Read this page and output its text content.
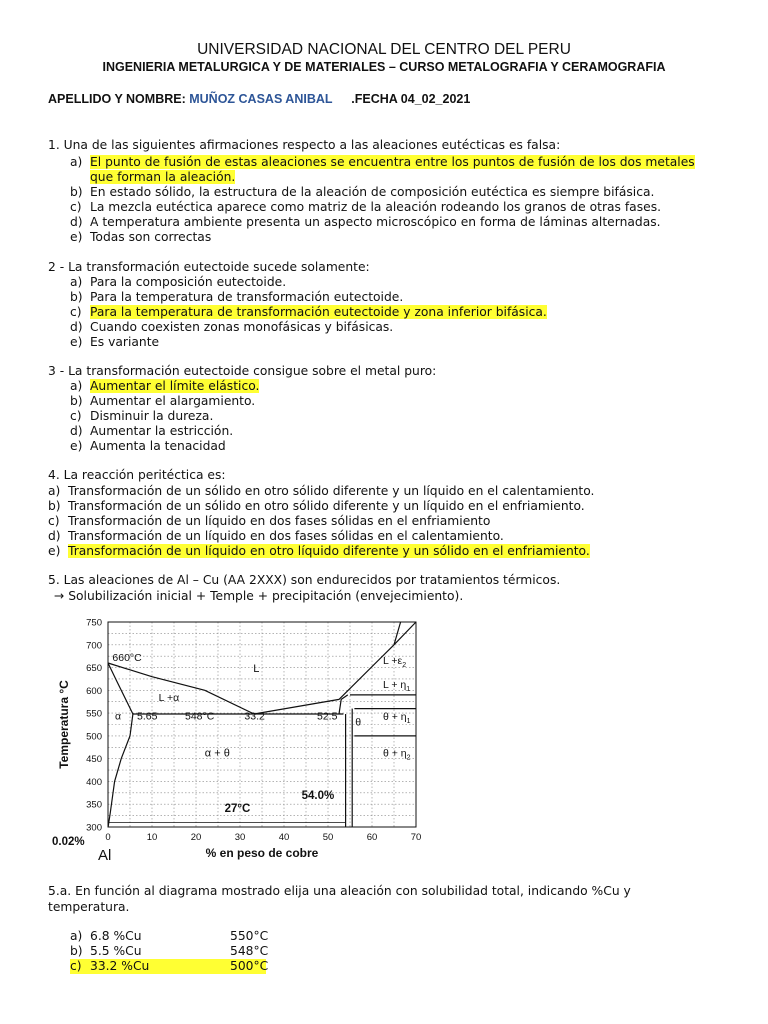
UNIVERSIDAD NACIONAL DEL CENTRO DEL PERU
INGENIERIA METALURGICA Y DE MATERIALES – CURSO METALOGRAFIA Y CERAMOGRAFIA
APELLIDO Y NOMBRE: MUÑOZ CASAS ANIBAL .FECHA 04_02_2021
1. Una de las siguientes afirmaciones respecto a las aleaciones eutécticas es falsa:
a) El punto de fusión de estas aleaciones se encuentra entre los puntos de fusión de los dos metales
que forman la aleación.
b) En estado sólido, la estructura de la aleación de composición eutéctica es siempre bifásica.
c) La mezcla eutéctica aparece como matriz de la aleación rodeando los granos de otras fases.
d) A temperatura ambiente presenta un aspecto microscópico en forma de láminas alternadas.
e) Todas son correctas
2 - La transformación eutectoide sucede solamente:
a) Para la composición eutectoide.
b) Para la temperatura de transformación eutectoide.
c) Para la temperatura de transformación eutectoide y zona inferior bifásica.
d) Cuando coexisten zonas monofásicas y bifásicas.
e) Es variante
3 - La transformación eutectoide consigue sobre el metal puro:
a) Aumentar el límite elástico.
b) Aumentar el alargamiento.
c) Disminuir la dureza.
d) Aumentar la estricción.
e) Aumenta la tenacidad
4. La reacción peritéctica es:
a) Transformación de un sólido en otro sólido diferente y un líquido en el calentamiento.
b) Transformación de un sólido en otro sólido diferente y un líquido en el enfriamiento.
c) Transformación de un líquido en dos fases sólidas en el enfriamiento
d) Transformación de un líquido en dos fases sólidas en el calentamiento.
e) Transformación de un líquido en otro líquido diferente y un sólido en el enfriamiento.
5. Las aleaciones de Al – Cu (AA 2XXX) son endurecidos por tratamientos térmicos.
→ Solubilización inicial + Temple + precipitación (envejecimiento).
300
350
400
450
500
550
600
650
700
750
0	10	20	30	40	50	60	70
Temperatura °C
% en peso de cobre
Al
0.02%
660°C
L
L +α
α 5.65	548°C	33.2	52.5 θ
α + θ
$L +\varepsilon_2$
$L + \eta_1$
$\theta + \eta_1$
$\theta + \eta_2$
27°C
54.0%
5.a. En función al diagrama mostrado elija una aleación con solubilidad total, indicando %Cu y
temperatura.
a) 6.8 %Cu	550°C
b) 5.5 %Cu	548°C
c) 33.2 %Cu	500°C
